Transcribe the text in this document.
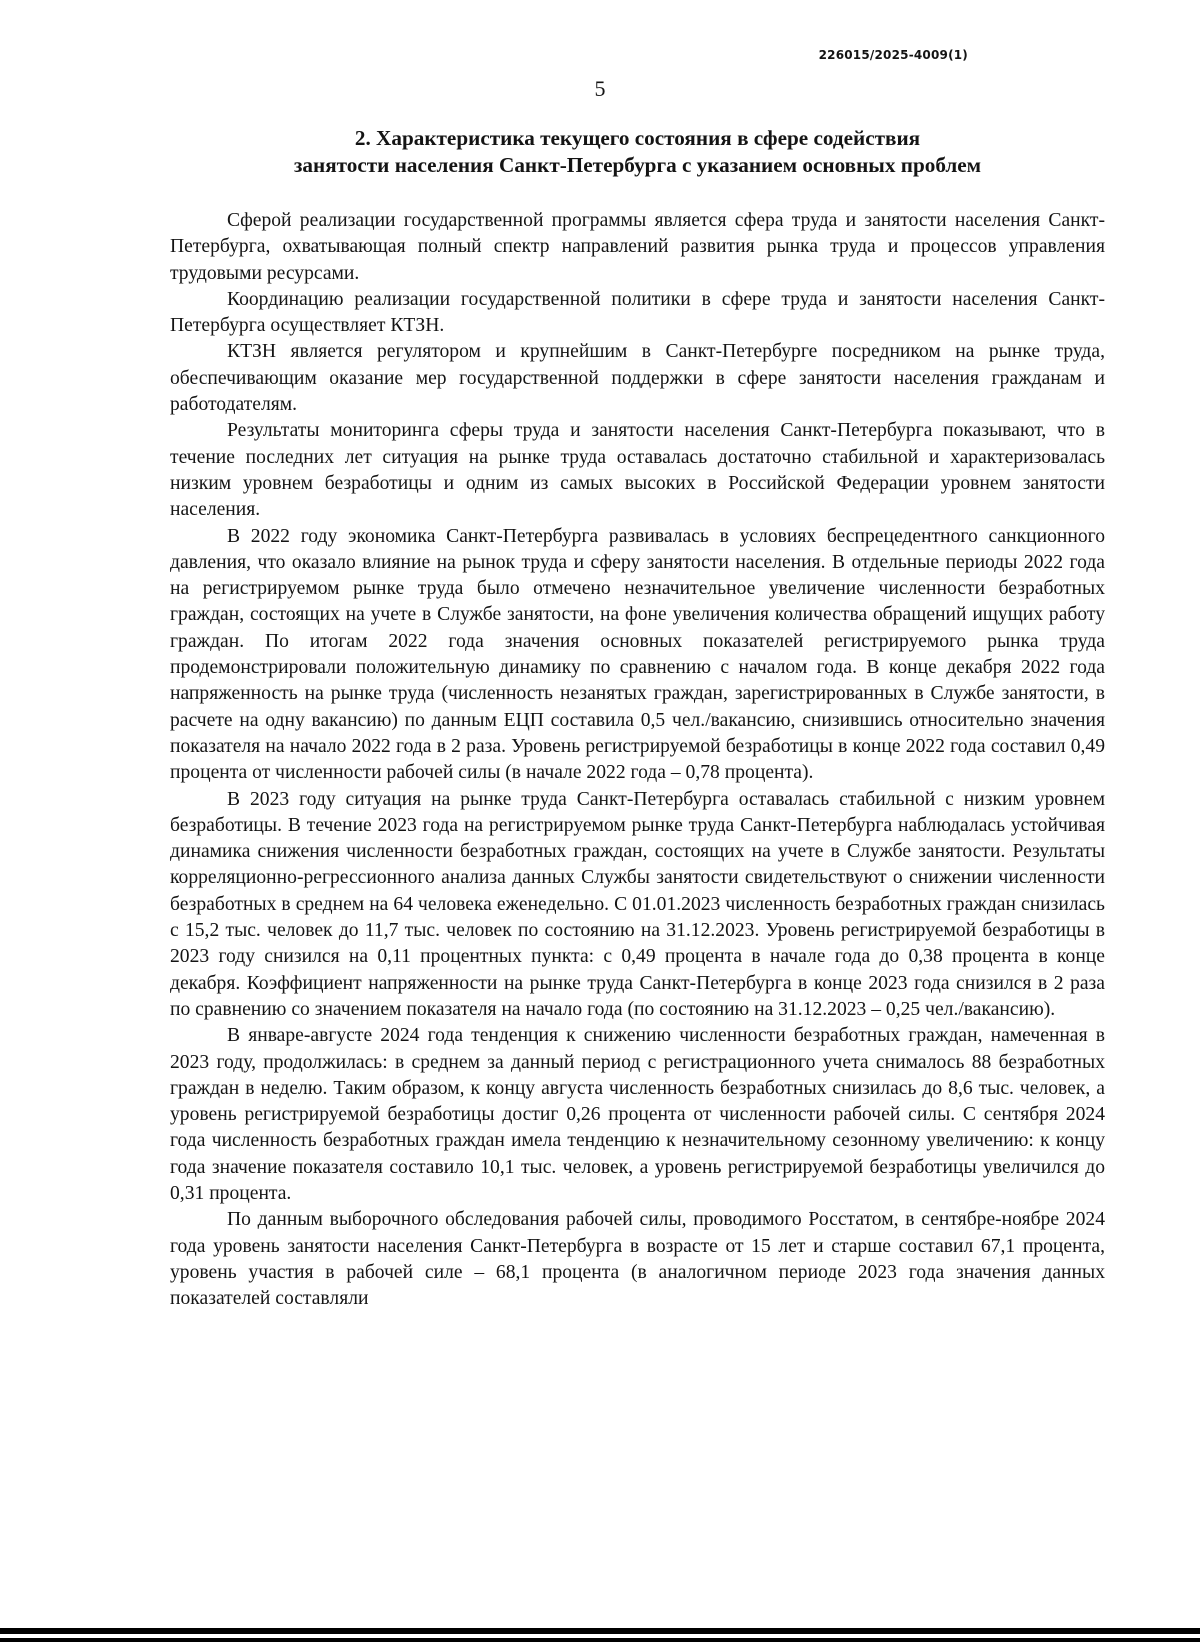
226015/2025-4009(1)
5
2. Характеристика текущего состояния в сфере содействия
занятости населения Санкт-Петербурга с указанием основных проблем

Сферой реализации государственной программы является сфера труда и занятости населения Санкт-Петербурга, охватывающая полный спектр направлений развития рынка труда и процессов управления трудовыми ресурсами.

Координацию реализации государственной политики в сфере труда и занятости населения Санкт-Петербурга осуществляет КТЗН.

КТЗН является регулятором и крупнейшим в Санкт-Петербурге посредником на рынке труда, обеспечивающим оказание мер государственной поддержки в сфере занятости населения гражданам и работодателям.

Результаты мониторинга сферы труда и занятости населения Санкт-Петербурга показывают, что в течение последних лет ситуация на рынке труда оставалась достаточно стабильной и характеризовалась низким уровнем безработицы и одним из самых высоких в Российской Федерации уровнем занятости населения.

В 2022 году экономика Санкт-Петербурга развивалась в условиях беспрецедентного санкционного давления, что оказало влияние на рынок труда и сферу занятости населения. В отдельные периоды 2022 года на регистрируемом рынке труда было отмечено незначительное увеличение численности безработных граждан, состоящих на учете в Службе занятости, на фоне увеличения количества обращений ищущих работу граждан. По итогам 2022 года значения основных показателей регистрируемого рынка труда продемонстрировали положительную динамику по сравнению с началом года. В конце декабря 2022 года напряженность на рынке труда (численность незанятых граждан, зарегистрированных в Службе занятости, в расчете на одну вакансию) по данным ЕЦП составила 0,5 чел./вакансию, снизившись относительно значения показателя на начало 2022 года в 2 раза. Уровень регистрируемой безработицы в конце 2022 года составил 0,49 процента от численности рабочей силы (в начале 2022 года – 0,78 процента).

В 2023 году ситуация на рынке труда Санкт-Петербурга оставалась стабильной с низким уровнем безработицы. В течение 2023 года на регистрируемом рынке труда Санкт-Петербурга наблюдалась устойчивая динамика снижения численности безработных граждан, состоящих на учете в Службе занятости. Результаты корреляционно-регрессионного анализа данных Службы занятости свидетельствуют о снижении численности безработных в среднем на 64 человека еженедельно. С 01.01.2023 численность безработных граждан снизилась с 15,2 тыс. человек до 11,7 тыс. человек по состоянию на 31.12.2023. Уровень регистрируемой безработицы в 2023 году снизился на 0,11 процентных пункта: с 0,49 процента в начале года до 0,38 процента в конце декабря. Коэффициент напряженности на рынке труда Санкт-Петербурга в конце 2023 года снизился в 2 раза по сравнению со значением показателя на начало года (по состоянию на 31.12.2023 – 0,25 чел./вакансию).

В январе-августе 2024 года тенденция к снижению численности безработных граждан, намеченная в 2023 году, продолжилась: в среднем за данный период с регистрационного учета снималось 88 безработных граждан в неделю. Таким образом, к концу августа численность безработных снизилась до 8,6 тыс. человек, а уровень регистрируемой безработицы достиг 0,26 процента от численности рабочей силы. С сентября 2024 года численность безработных граждан имела тенденцию к незначительному сезонному увеличению: к концу года значение показателя составило 10,1 тыс. человек, а уровень регистрируемой безработицы увеличился до 0,31 процента.

По данным выборочного обследования рабочей силы, проводимого Росстатом, в сентябре-ноябре 2024 года уровень занятости населения Санкт-Петербурга в возрасте от 15 лет и старше составил 67,1 процента, уровень участия в рабочей силе – 68,1 процента (в аналогичном периоде 2023 года значения данных показателей составляли
